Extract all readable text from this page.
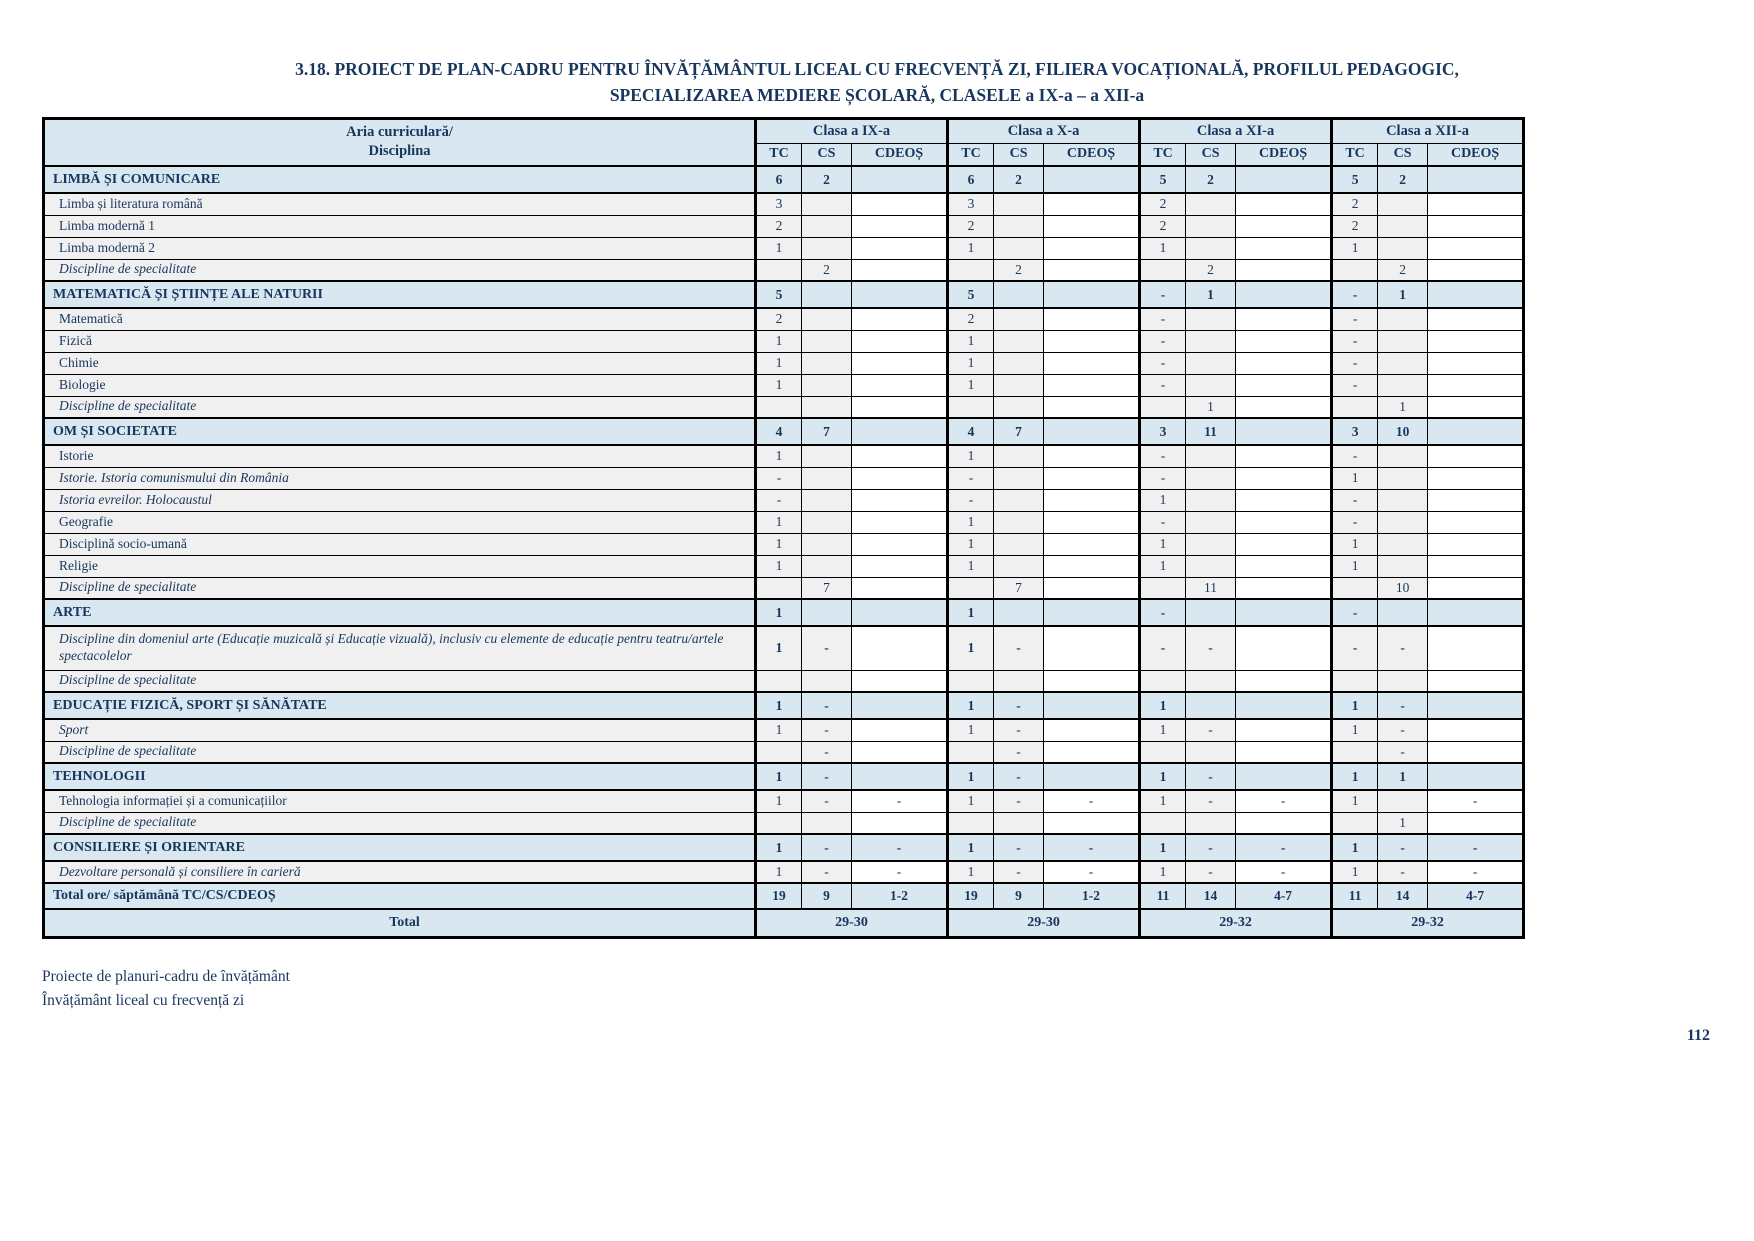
3.18. PROIECT DE PLAN-CADRU PENTRU ÎNVĂȚĂMÂNTUL LICEAL CU FRECVENȚĂ ZI, FILIERA VOCAȚIONALĂ, PROFILUL PEDAGOGIC,
SPECIALIZAREA MEDIERE ȘCOLARĂ, CLASELE a IX-a – a XII-a
Aria curriculară/
Disciplina	Clasa a IX-a			Clasa a X-a			Clasa a XI-a			Clasa a XII-a		
	TC	CS	CDEOȘ	TC	CS	CDEOȘ	TC	CS	CDEOȘ	TC	CS	CDEOȘ
LIMBĂ ȘI COMUNICARE	6	2		6	2		5	2		5	2	
Limba și literatura română	3			3			2			2		
Limba modernă 1	2			2			2			2		
Limba modernă 2	1			1			1			1		
Discipline de specialitate		2			2			2			2	
MATEMATICĂ ȘI ȘTIINȚE ALE NATURII	5			5			-	1		-	1	
Matematică	2			2			-			-		
Fizică	1			1			-			-		
Chimie	1			1			-			-		
Biologie	1			1			-			-		
Discipline de specialitate								1			1	
OM ȘI SOCIETATE	4	7		4	7		3	11		3	10	
Istorie	1			1			-			-		
Istorie. Istoria comunismului din România	-			-			-			1		
Istoria evreilor. Holocaustul	-			-			1			-		
Geografie	1			1			-			-		
Disciplină socio-umană	1			1			1			1		
Religie	1			1			1			1		
Discipline de specialitate		7			7			11			10	
ARTE	1			1			-			-		
Discipline din domeniul arte (Educație muzicală și Educație vizuală), inclusiv cu elemente de educație pentru teatru/artele spectacolelor	1	-		1	-		-	-		-	-	
Discipline de specialitate												
EDUCAȚIE FIZICĂ, SPORT ȘI SĂNĂTATE	1	-		1	-		1			1	-	
Sport	1	-		1	-		1	-		1	-	
Discipline de specialitate		-			-						-	
TEHNOLOGII	1	-		1	-		1	-		1	1	
Tehnologia informației și a comunicațiilor	1	-	-	1	-	-	1	-	-	1		-
Discipline de specialitate											1	
CONSILIERE ȘI ORIENTARE	1	-	-	1	-	-	1	-	-	1	-	-
Dezvoltare personală și consiliere în carieră	1	-	-	1	-	-	1	-	-	1	-	-
Total ore/ săptămână TC/CS/CDEOȘ	19	9	1-2	19	9	1-2	11	14	4-7	11	14	4-7
Total	29-30			29-30			29-32			29-32		
Proiecte de planuri-cadru de învățământ
Învățământ liceal cu frecvență zi
112
